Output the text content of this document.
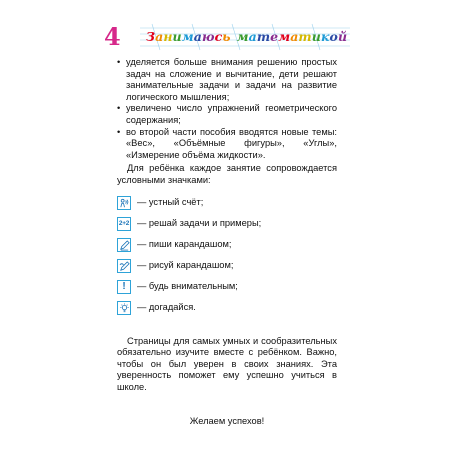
4 Занимаюсь математикой
• уделяется больше внимания решению простых задач на сложение и вычитание, дети решают занимательные задачи и задачи на развитие логического мышления;
• увеличено число упражнений геометрического содержания;
• во второй части пособия вводятся новые темы: «Вес», «Объёмные фигуры», «Углы», «Измерение объёма жидкости».

Для ребёнка каждое занятие сопровождается условными значками:

— устный счёт;
2+2 — решай задачи и примеры;
— пиши карандашом;
— рисуй карандашом;
!	— будь внимательным;
— догадайся.

Страницы для самых умных и сообразительных обязательно изучите вместе с ребёнком. Важно, чтобы он был уверен в своих знаниях. Эта уверенность поможет ему успешно учиться в школе.

Желаем успехов!
